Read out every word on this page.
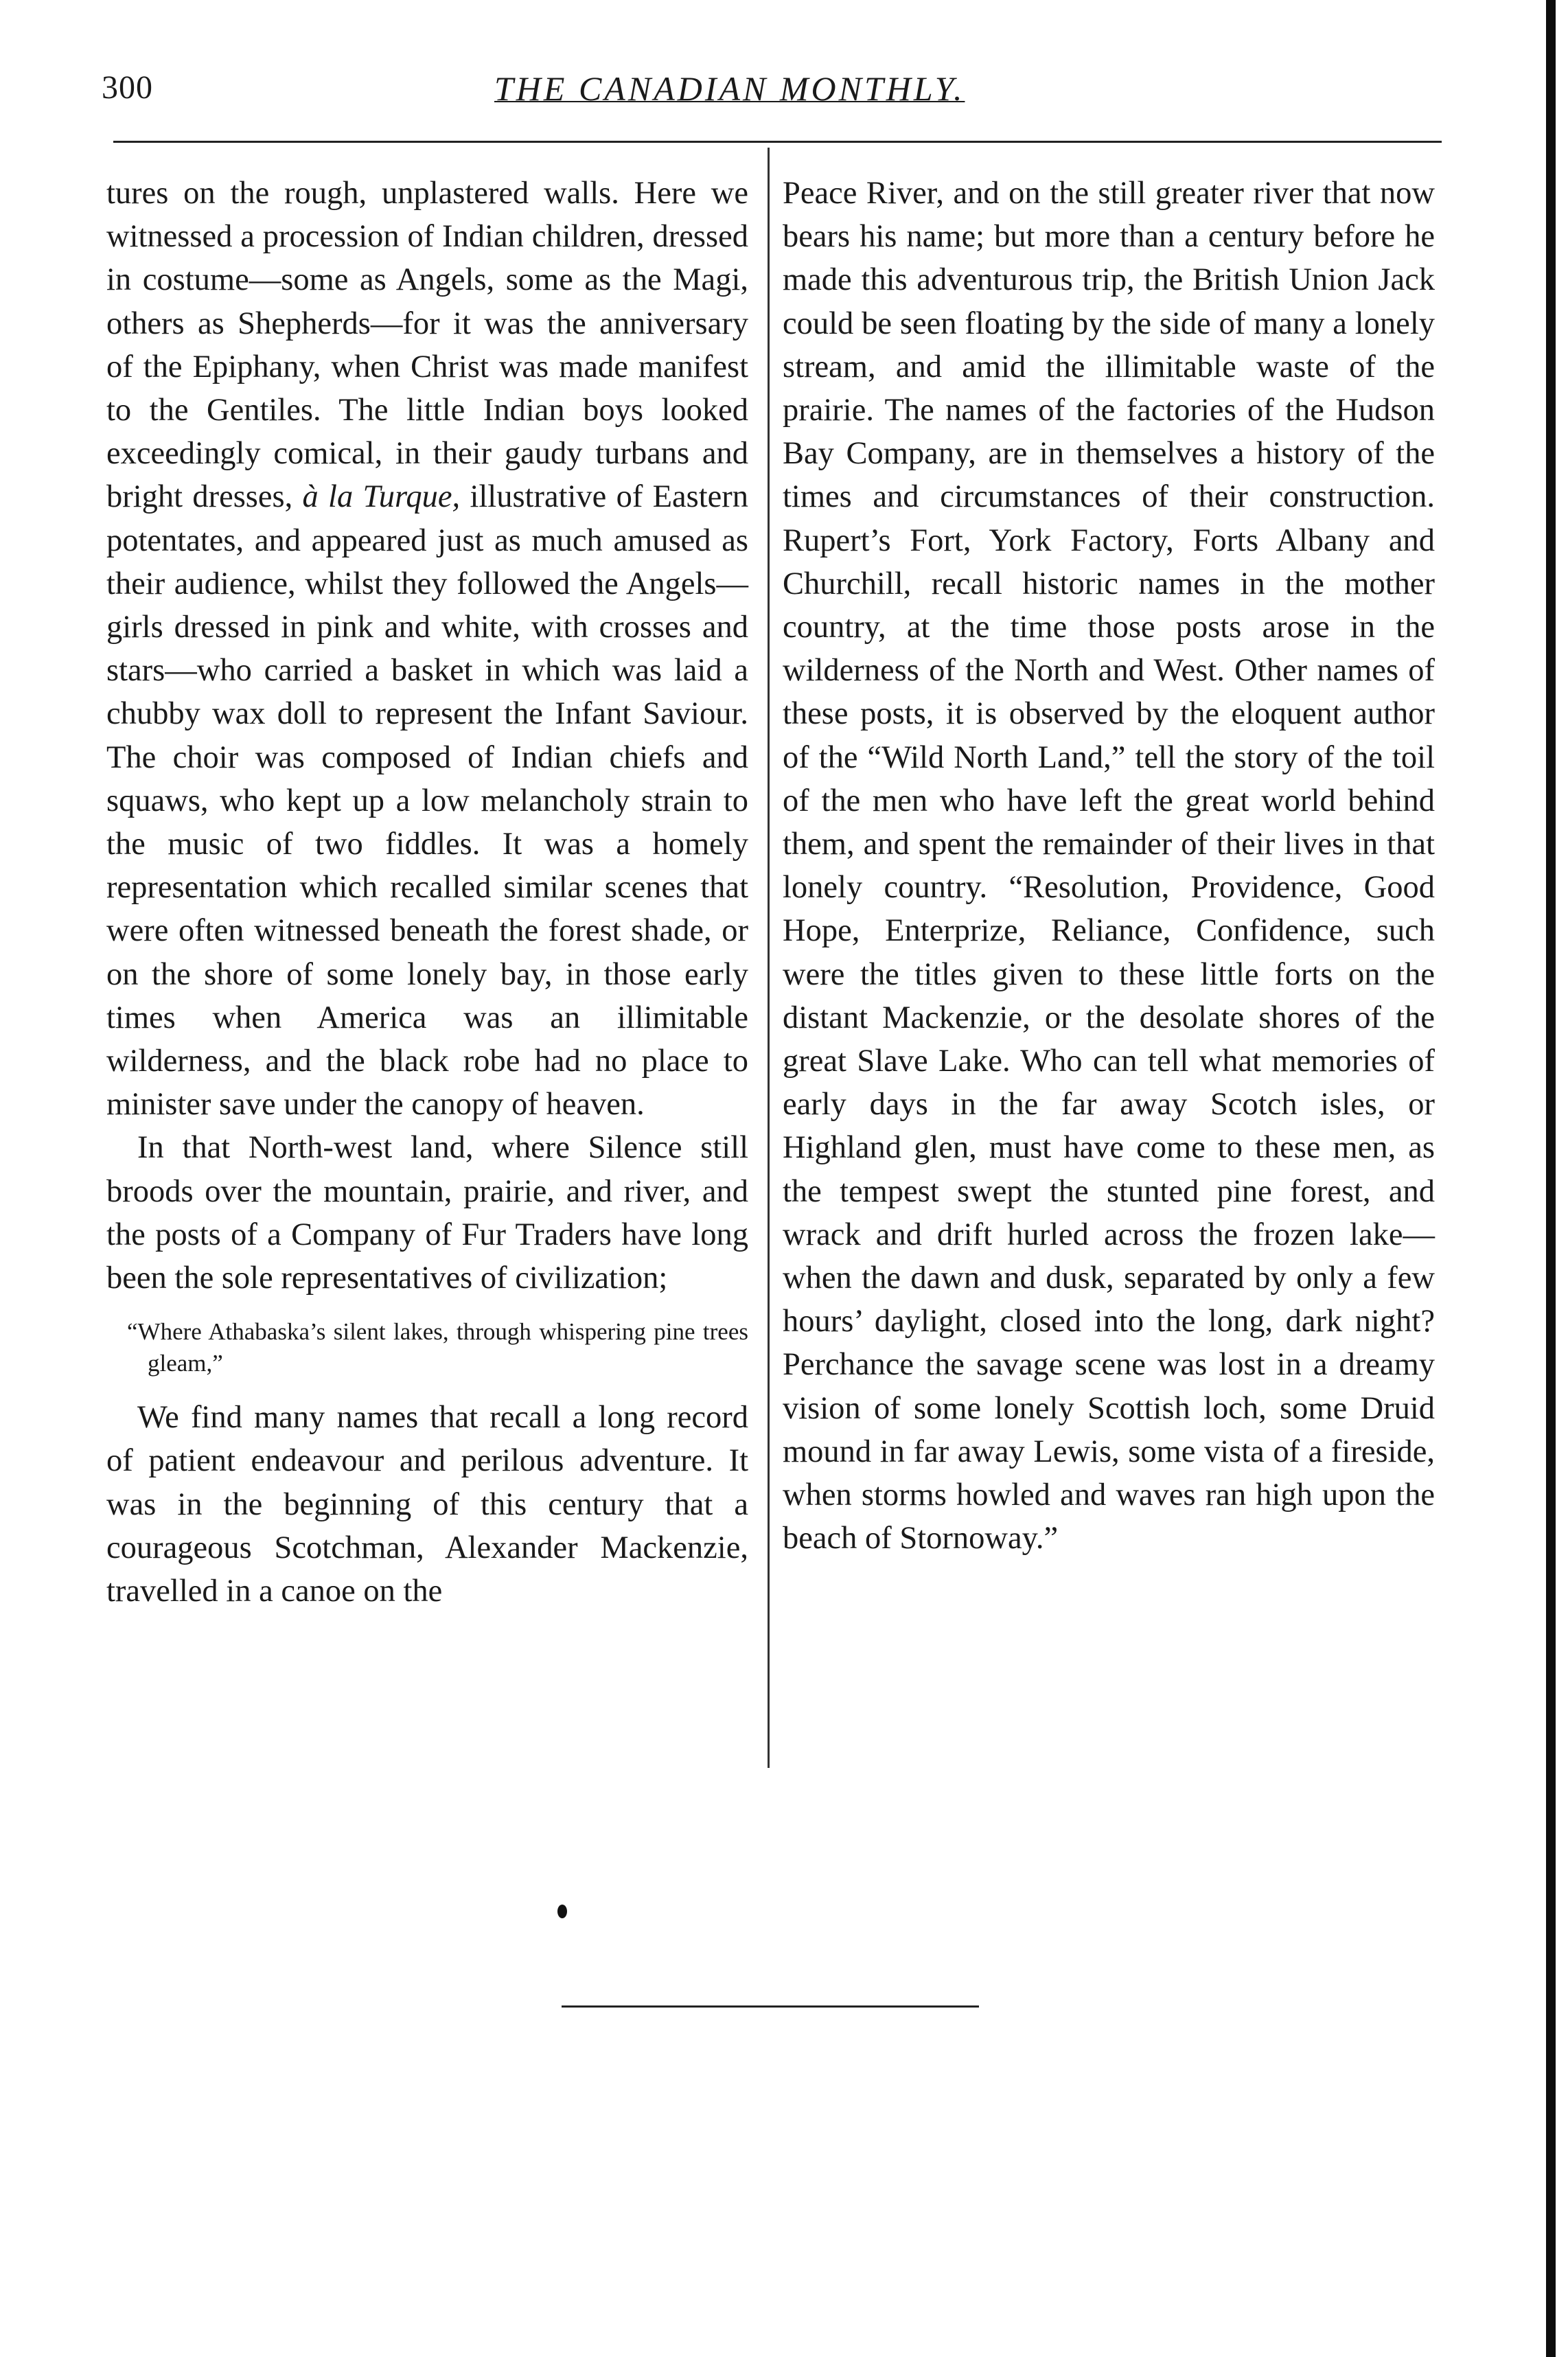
300	THE CANADIAN MONTHLY.

tures on the rough, unplastered walls. Here we witnessed a procession of Indian children, dressed in costume—some as Angels, some as the Magi, others as Shepherds—for it was the anniversary of the Epiphany, when Christ was made manifest to the Gentiles. The little Indian boys looked exceedingly comical, in their gaudy turbans and bright dresses, à la Turque, illustrative of Eastern potentates, and appeared just as much amused as their audience, whilst they followed the Angels—girls dressed in pink and white, with crosses and stars—who carried a basket in which was laid a chubby wax doll to represent the Infant Saviour. The choir was composed of Indian chiefs and squaws, who kept up a low melancholy strain to the music of two fiddles. It was a homely representation which recalled similar scenes that were often witnessed beneath the forest shade, or on the shore of some lonely bay, in those early times when America was an illimitable wilderness, and the black robe had no place to minister save under the canopy of heaven.

In that North-west land, where Silence still broods over the mountain, prairie, and river, and the posts of a Company of Fur Traders have long been the sole representatives of civilization;

“Where Athabaska’s silent lakes, through whispering pine trees gleam,”

We find many names that recall a long record of patient endeavour and perilous adventure. It was in the beginning of this century that a courageous Scotchman, Alexander Mackenzie, travelled in a canoe on the

Peace River, and on the still greater river that now bears his name; but more than a century before he made this adventurous trip, the British Union Jack could be seen floating by the side of many a lonely stream, and amid the illimitable waste of the prairie. The names of the factories of the Hudson Bay Company, are in themselves a history of the times and circumstances of their construction. Rupert’s Fort, York Factory, Forts Albany and Churchill, recall historic names in the mother country, at the time those posts arose in the wilderness of the North and West. Other names of these posts, it is observed by the eloquent author of the “Wild North Land,” tell the story of the toil of the men who have left the great world behind them, and spent the remainder of their lives in that lonely country. “Resolution, Providence, Good Hope, Enterprize, Reliance, Confidence, such were the titles given to these little forts on the distant Mackenzie, or the desolate shores of the great Slave Lake. Who can tell what memories of early days in the far away Scotch isles, or Highland glen, must have come to these men, as the tempest swept the stunted pine forest, and wrack and drift hurled across the frozen lake—when the dawn and dusk, separated by only a few hours’ daylight, closed into the long, dark night? Perchance the savage scene was lost in a dreamy vision of some lonely Scottish loch, some Druid mound in far away Lewis, some vista of a fireside, when storms howled and waves ran high upon the beach of Stornoway.”
